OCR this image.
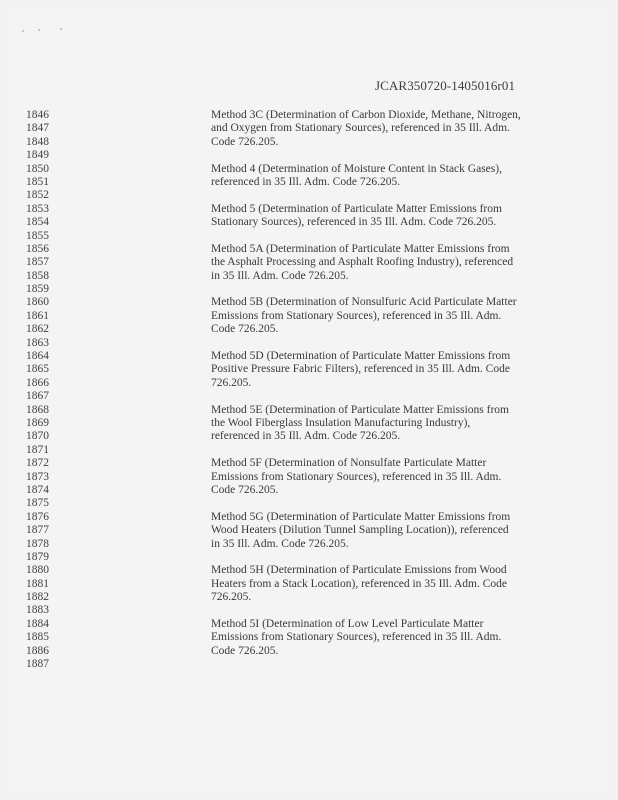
JCAR350720-1405016r01
1846
1847
1848
1849
1850
1851
1852
1853
1854
1855
1856
1857
1858
1859
1860
1861
1862
1863
1864
1865
1866
1867
1868
1869
1870
1871
1872
1873
1874
1875
1876
1877
1878
1879
1880
1881
1882
1883
1884
1885
1886
1887
Method 3C (Determination of Carbon Dioxide, Methane, Nitrogen,
and Oxygen from Stationary Sources), referenced in 35 Ill. Adm.
Code 726.205.
Method 4 (Determination of Moisture Content in Stack Gases),
referenced in 35 Ill. Adm. Code 726.205.
Method 5 (Determination of Particulate Matter Emissions from
Stationary Sources), referenced in 35 Ill. Adm. Code 726.205.
Method 5A (Determination of Particulate Matter Emissions from
the Asphalt Processing and Asphalt Roofing Industry), referenced
in 35 Ill. Adm. Code 726.205.
Method 5B (Determination of Nonsulfuric Acid Particulate Matter
Emissions from Stationary Sources), referenced in 35 Ill. Adm.
Code 726.205.
Method 5D (Determination of Particulate Matter Emissions from
Positive Pressure Fabric Filters), referenced in 35 Ill. Adm. Code
726.205.
Method 5E (Determination of Particulate Matter Emissions from
the Wool Fiberglass Insulation Manufacturing Industry),
referenced in 35 Ill. Adm. Code 726.205.
Method 5F (Determination of Nonsulfate Particulate Matter
Emissions from Stationary Sources), referenced in 35 Ill. Adm.
Code 726.205.
Method 5G (Determination of Particulate Matter Emissions from
Wood Heaters (Dilution Tunnel Sampling Location)), referenced
in 35 Ill. Adm. Code 726.205.
Method 5H (Determination of Particulate Emissions from Wood
Heaters from a Stack Location), referenced in 35 Ill. Adm. Code
726.205.
Method 5I (Determination of Low Level Particulate Matter
Emissions from Stationary Sources), referenced in 35 Ill. Adm.
Code 726.205.
